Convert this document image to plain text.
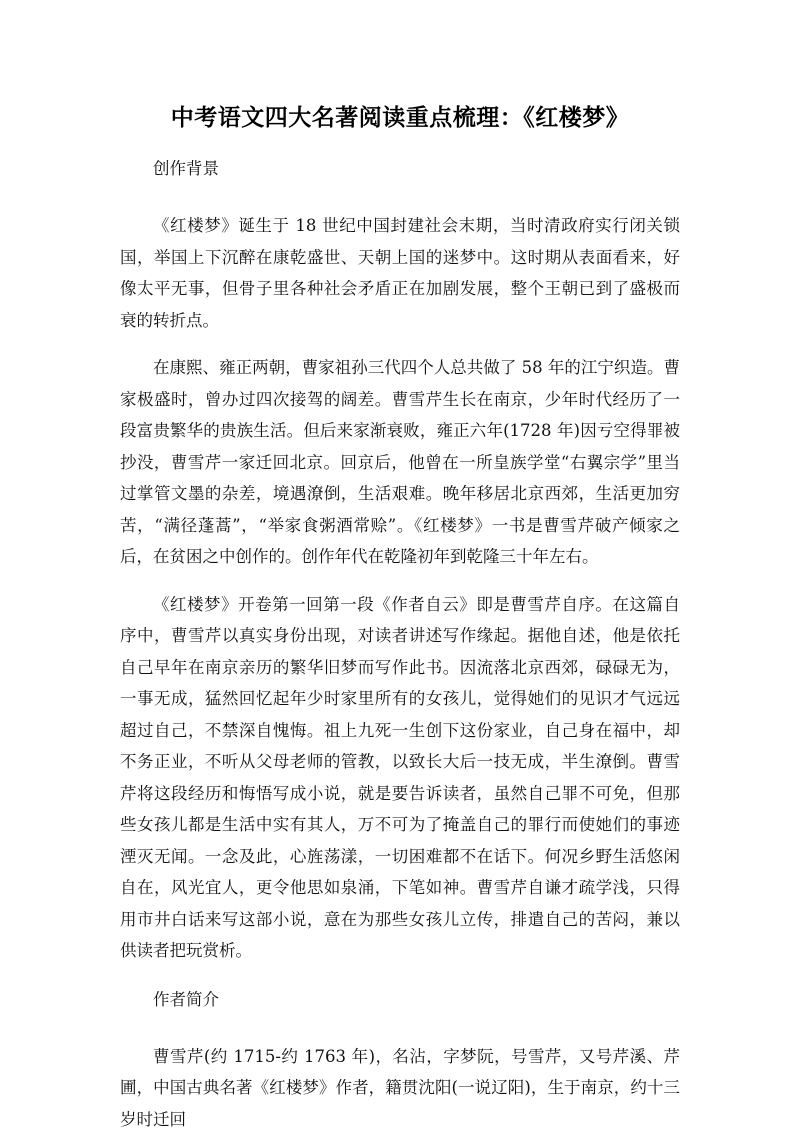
中考语文四大名著阅读重点梳理：《红楼梦》
创作背景

《红楼梦》诞生于 18 世纪中国封建社会末期，当时清政府实行闭关锁国，举国上下沉醉在康乾盛世、天朝上国的迷梦中。这时期从表面看来，好像太平无事，但骨子里各种社会矛盾正在加剧发展，整个王朝已到了盛极而衰的转折点。

在康熙、雍正两朝，曹家祖孙三代四个人总共做了 58 年的江宁织造。曹家极盛时，曾办过四次接驾的阔差。曹雪芹生长在南京，少年时代经历了一段富贵繁华的贵族生活。但后来家渐衰败，雍正六年(1728 年)因亏空得罪被抄没，曹雪芹一家迁回北京。回京后，他曾在一所皇族学堂“右翼宗学”里当过掌管文墨的杂差，境遇潦倒，生活艰难。晚年移居北京西郊，生活更加穷苦，“满径蓬蒿”，“举家食粥酒常赊”。《红楼梦》一书是曹雪芹破产倾家之后，在贫困之中创作的。创作年代在乾隆初年到乾隆三十年左右。

《红楼梦》开卷第一回第一段《作者自云》即是曹雪芹自序。在这篇自序中，曹雪芹以真实身份出现，对读者讲述写作缘起。据他自述，他是依托自己早年在南京亲历的繁华旧梦而写作此书。因流落北京西郊，碌碌无为，一事无成，猛然回忆起年少时家里所有的女孩儿，觉得她们的见识才气远远超过自己，不禁深自愧悔。祖上九死一生创下这份家业，自己身在福中，却不务正业，不听从父母老师的管教，以致长大后一技无成，半生潦倒。曹雪芹将这段经历和悔悟写成小说，就是要告诉读者，虽然自己罪不可免，但那些女孩儿都是生活中实有其人，万不可为了掩盖自己的罪行而使她们的事迹湮灭无闻。一念及此，心旌荡漾，一切困难都不在话下。何况乡野生活悠闲自在，风光宜人，更令他思如泉涌，下笔如神。曹雪芹自谦才疏学浅，只得用市井白话来写这部小说，意在为那些女孩儿立传，排遣自己的苦闷，兼以供读者把玩赏析。

作者简介

曹雪芹(约 1715-约 1763 年)，名沾，字梦阮，号雪芹，又号芹溪、芹圃，中国古典名著《红楼梦》作者，籍贯沈阳(一说辽阳)，生于南京，约十三岁时迁回
